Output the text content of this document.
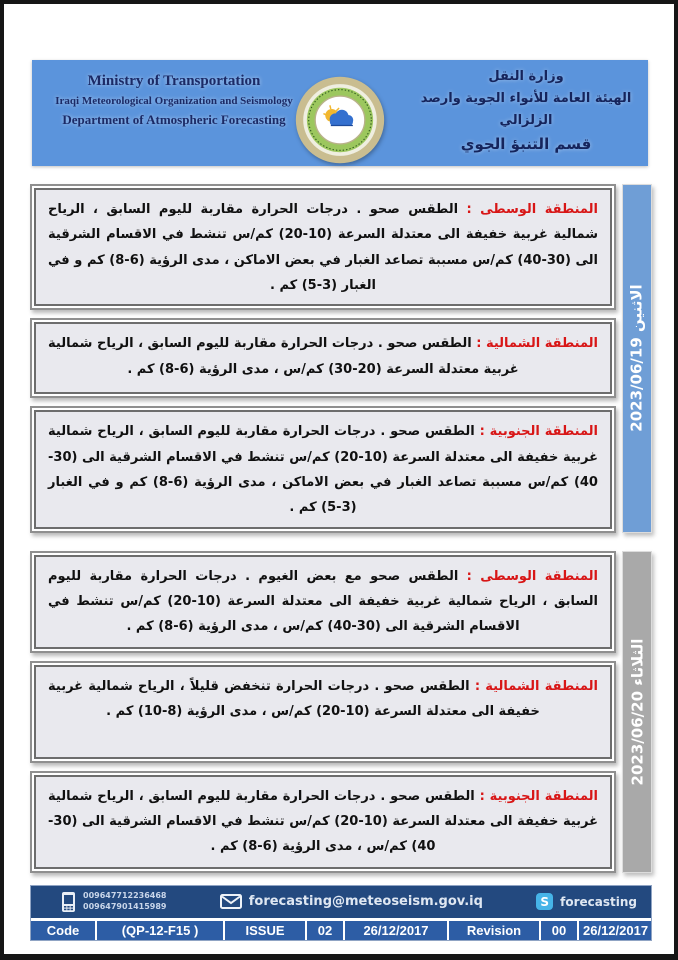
Ministry of Transportation
Iraqi Meteorological Organization and Seismology
Department of Atmospheric Forecasting
وزارة النقل
الهيئة العامة للأنواء الجوية وارصد الزلزالي
قسم التنبؤ الجوي
المنطقة الوسطى : الطقس صحو . درجات الحرارة مقاربة لليوم السابق ، الرياح شمالية غربية خفيفة الى معتدلة السرعة (10-20) كم/س تنشط في الاقسام الشرقية الى (30-40) كم/س مسببة تصاعد الغبار في بعض الاماكن ، مدى الرؤية (6-8) كم و في الغبار (3-5) كم .
المنطقة الشمالية : الطقس صحو . درجات الحرارة مقاربة لليوم السابق ، الرياح شمالية غربية معتدلة السرعة (20-30) كم/س ، مدى الرؤية (6-8) كم .
المنطقة الجنوبية : الطقس صحو . درجات الحرارة مقاربة لليوم السابق ، الرياح شمالية غربية خفيفة الى معتدلة السرعة (10-20) كم/س تنشط في الاقسام الشرقية الى (30-40) كم/س مسببة تصاعد الغبار في بعض الاماكن ، مدى الرؤية (6-8) كم و في الغبار (3-5) كم .
الاثنين 2023/06/19
المنطقة الوسطى : الطقس صحو مع بعض الغيوم . درجات الحرارة مقاربة لليوم السابق ، الرياح شمالية غربية خفيفة الى معتدلة السرعة (10-20) كم/س تنشط في الاقسام الشرقية الى (30-40) كم/س ، مدى الرؤية (6-8) كم .
المنطقة الشمالية : الطقس صحو . درجات الحرارة تنخفض قليلاً ، الرياح شمالية غربية خفيفة الى معتدلة السرعة (10-20) كم/س ، مدى الرؤية (8-10) كم .
المنطقة الجنوبية : الطقس صحو . درجات الحرارة مقاربة لليوم السابق ، الرياح شمالية غربية خفيفة الى معتدلة السرعة (10-20) كم/س تنشط في الاقسام الشرقية الى (30-40) كم/س ، مدى الرؤية (6-8) كم .
الثلاثاء 2023/06/20
009647712236468
009647901415989	forecasting@meteoseism.gov.iq	S forecasting
Code	(QP-12-F15 )	ISSUE	02	26/12/2017	Revision	00	26/12/2017
